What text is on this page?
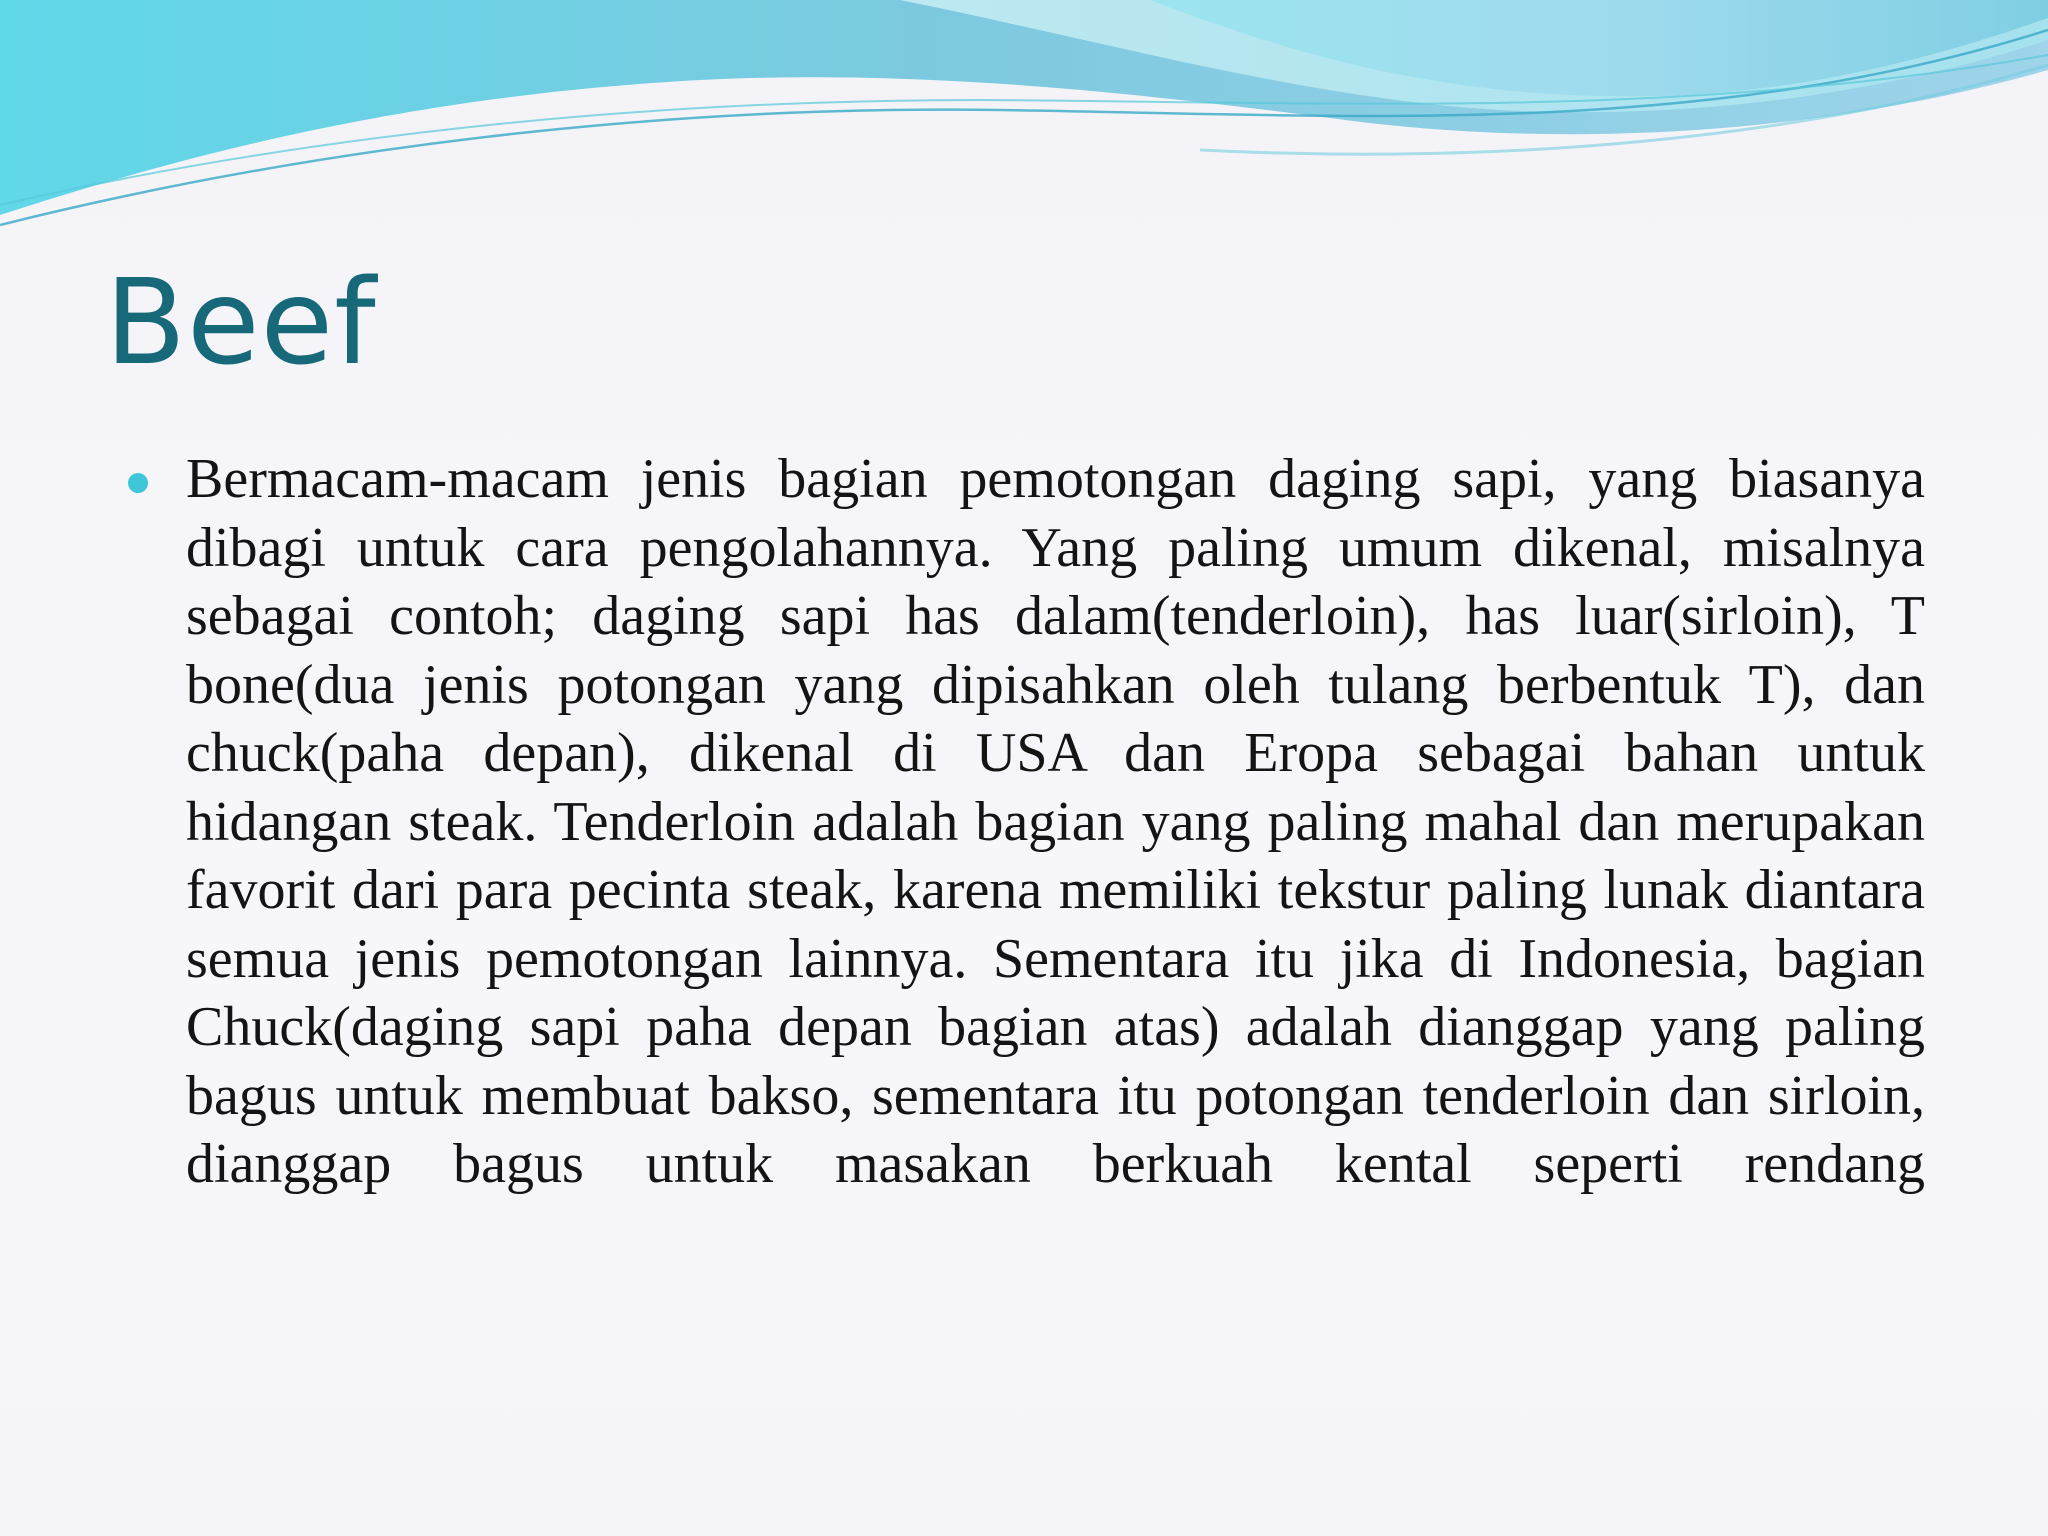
Beef

Bermacam-macam jenis bagian pemotongan daging sapi, yang biasanya dibagi untuk cara pengolahannya. Yang paling umum dikenal, misalnya sebagai contoh; daging sapi has dalam(tenderloin), has luar(sirloin), T bone(dua jenis potongan yang dipisahkan oleh tulang berbentuk T), dan chuck(paha depan), dikenal di USA dan Eropa sebagai bahan untuk hidangan steak. Tenderloin adalah bagian yang paling mahal dan merupakan favorit dari para pecinta steak, karena memiliki tekstur paling lunak diantara semua jenis pemotongan lainnya. Sementara itu jika di Indonesia, bagian Chuck(daging sapi paha depan bagian atas) adalah dianggap yang paling bagus untuk membuat bakso, sementara itu potongan tenderloin dan sirloin, dianggap bagus untuk masakan berkuah kental seperti rendang
